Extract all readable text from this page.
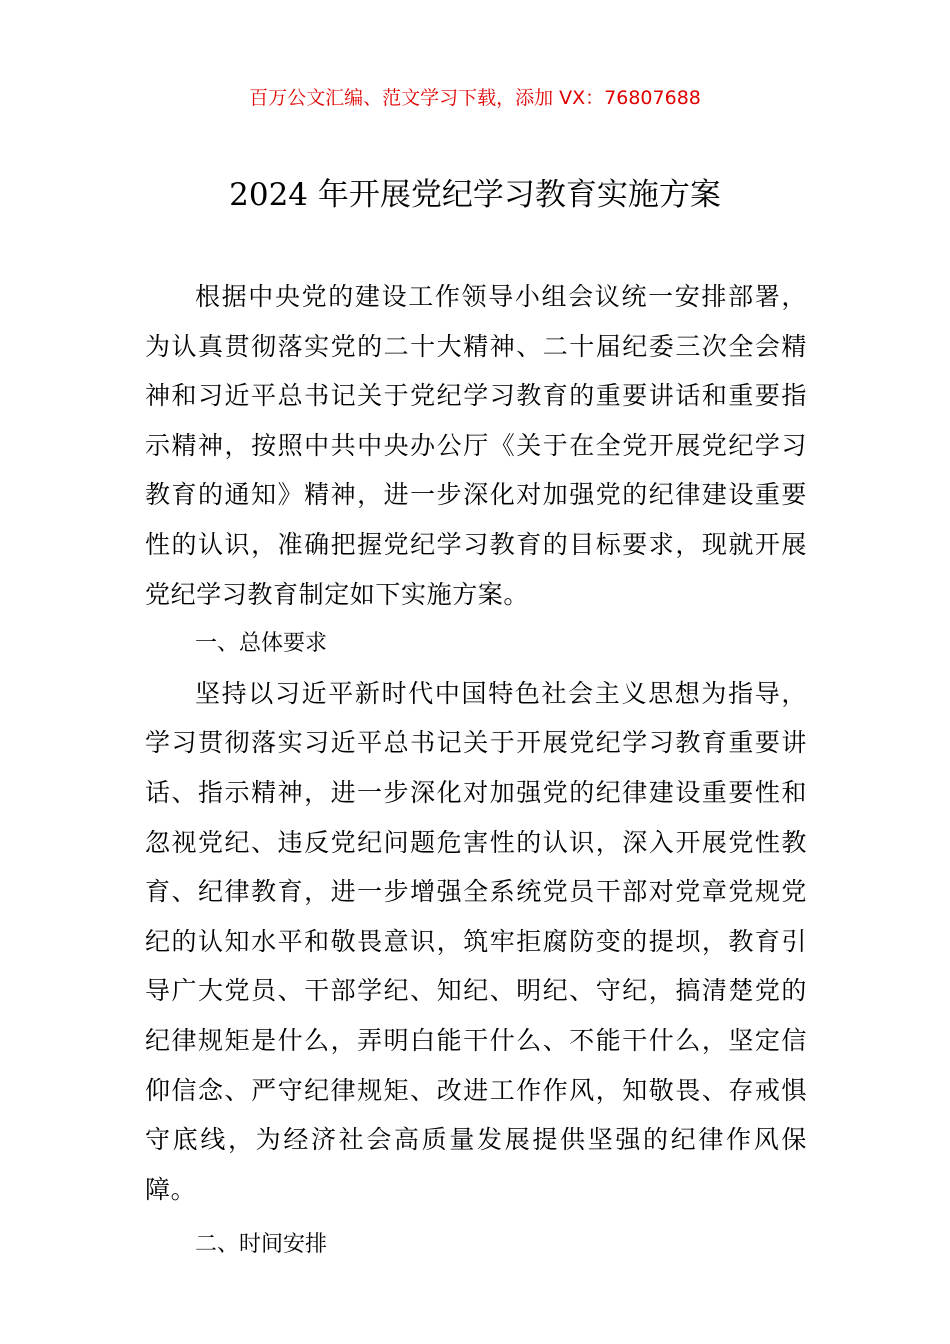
百万公文汇编、范文学习下载，添加 VX：76807688
2024 年开展党纪学习教育实施方案

根据中央党的建设工作领导小组会议统一安排部署，为认真贯彻落实党的二十大精神、二十届纪委三次全会精神和习近平总书记关于党纪学习教育的重要讲话和重要指示精神，按照中共中央办公厅《关于在全党开展党纪学习教育的通知》精神，进一步深化对加强党的纪律建设重要性的认识，准确把握党纪学习教育的目标要求，现就开展党纪学习教育制定如下实施方案。

一、总体要求

坚持以习近平新时代中国特色社会主义思想为指导，学习贯彻落实习近平总书记关于开展党纪学习教育重要讲话、指示精神，进一步深化对加强党的纪律建设重要性和忽视党纪、违反党纪问题危害性的认识，深入开展党性教育、纪律教育，进一步增强全系统党员干部对党章党规党纪的认知水平和敬畏意识，筑牢拒腐防变的提坝，教育引导广大党员、干部学纪、知纪、明纪、守纪，搞清楚党的纪律规矩是什么，弄明白能干什么、不能干什么，坚定信仰信念、严守纪律规矩、改进工作作风，知敬畏、存戒惧守底线，为经济社会高质量发展提供坚强的纪律作风保障。

二、时间安排
